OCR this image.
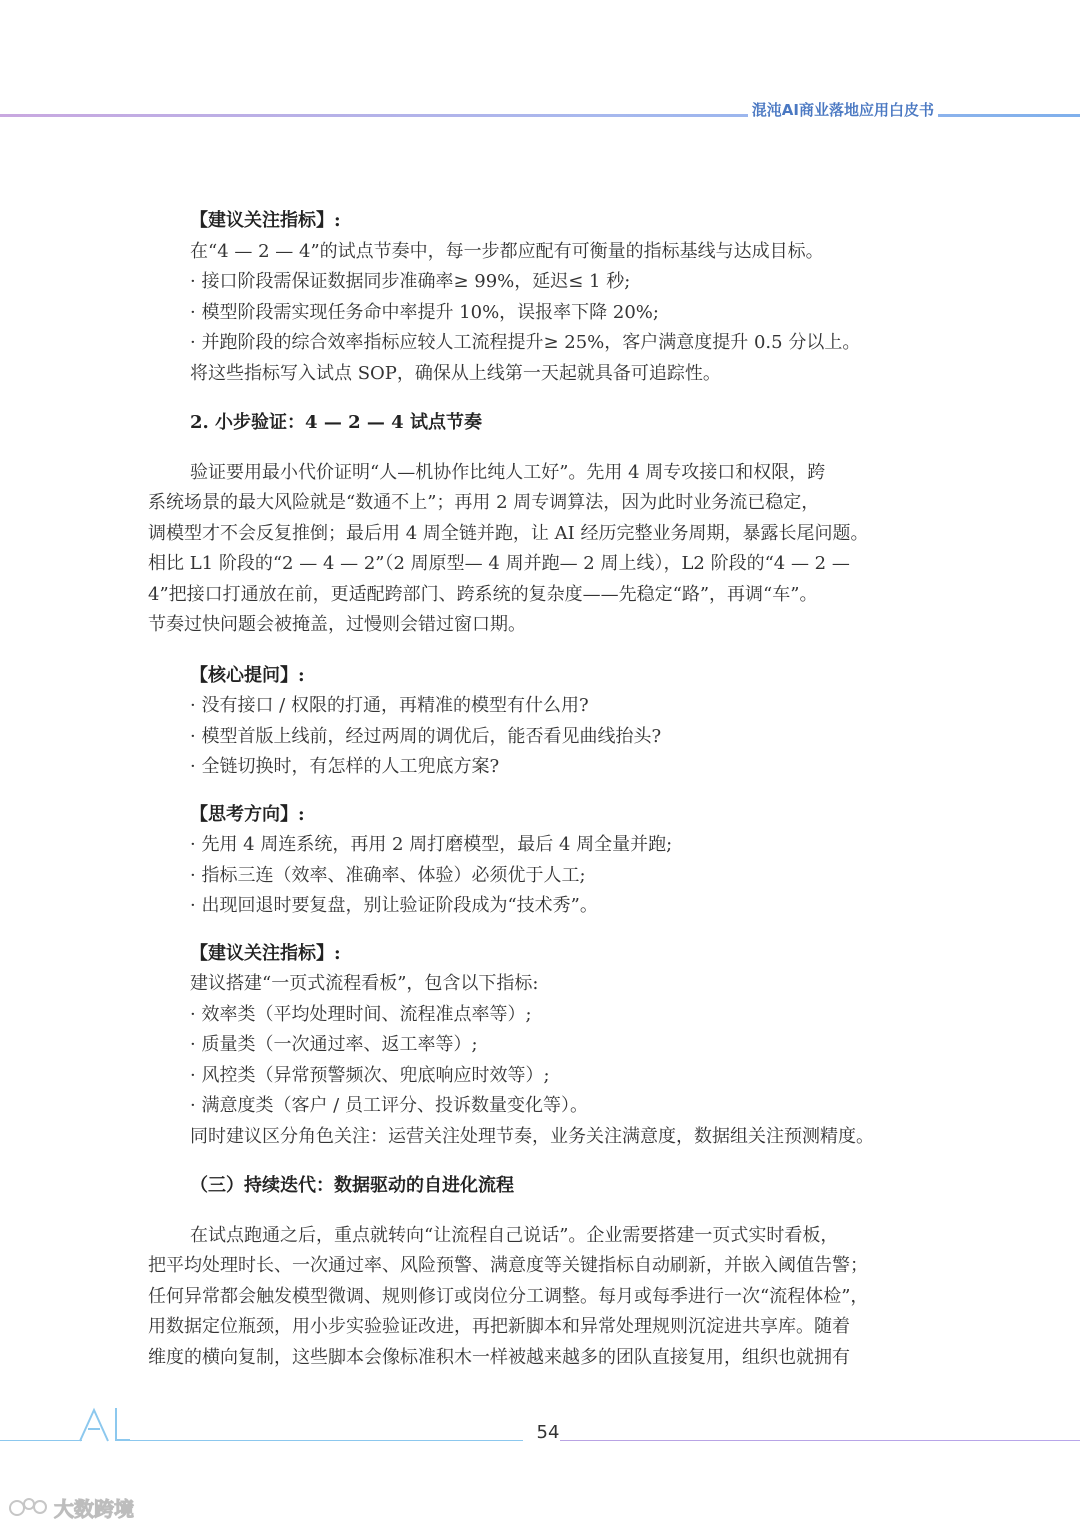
混沌AI商业落地应用白皮书

【建议关注指标】:

在“4 — 2 — 4”的试点节奏中，每一步都应配有可衡量的指标基线与达成目标。

· 接口阶段需保证数据同步准确率≥ 99%，延迟≤ 1 秒;

· 模型阶段需实现任务命中率提升 10%，误报率下降 20%;

· 并跑阶段的综合效率指标应较人工流程提升≥ 25%，客户满意度提升 0.5 分以上。

将这些指标写入试点 SOP，确保从上线第一天起就具备可追踪性。

2. 小步验证：4 — 2 — 4 试点节奏

验证要用最小代价证明“人—机协作比纯人工好”。先用 4 周专攻接口和权限，跨

系统场景的最大风险就是“数通不上”；再用 2 周专调算法，因为此时业务流已稳定，

调模型才不会反复推倒；最后用 4 周全链并跑，让 AI 经历完整业务周期，暴露长尾问题。

相比 L1 阶段的“2 — 4 — 2”（2 周原型— 4 周并跑— 2 周上线），L2 阶段的“4 — 2 —

4”把接口打通放在前，更适配跨部门、跨系统的复杂度——先稳定“路”，再调“车”。

节奏过快问题会被掩盖，过慢则会错过窗口期。

【核心提问】:

· 没有接口 / 权限的打通，再精准的模型有什么用?

· 模型首版上线前，经过两周的调优后，能否看见曲线抬头?

· 全链切换时，有怎样的人工兜底方案?

【思考方向】:

· 先用 4 周连系统，再用 2 周打磨模型，最后 4 周全量并跑;

· 指标三连（效率、准确率、体验）必须优于人工;

· 出现回退时要复盘，别让验证阶段成为“技术秀”。

【建议关注指标】:

建议搭建“一页式流程看板”，包含以下指标:

· 效率类（平均处理时间、流程准点率等）;

· 质量类（一次通过率、返工率等）;

· 风控类（异常预警频次、兜底响应时效等）;

· 满意度类（客户 / 员工评分、投诉数量变化等）。

同时建议区分角色关注：运营关注处理节奏，业务关注满意度，数据组关注预测精度。

（三）持续迭代：数据驱动的自进化流程

在试点跑通之后，重点就转向“让流程自己说话”。企业需要搭建一页式实时看板，

把平均处理时长、一次通过率、风险预警、满意度等关键指标自动刷新，并嵌入阈值告警；

任何异常都会触发模型微调、规则修订或岗位分工调整。每月或每季进行一次“流程体检”，

用数据定位瓶颈，用小步实验验证改进，再把新脚本和异常处理规则沉淀进共享库。随着

维度的横向复制，这些脚本会像标准积木一样被越来越多的团队直接复用，组织也就拥有

54
大数跨境
